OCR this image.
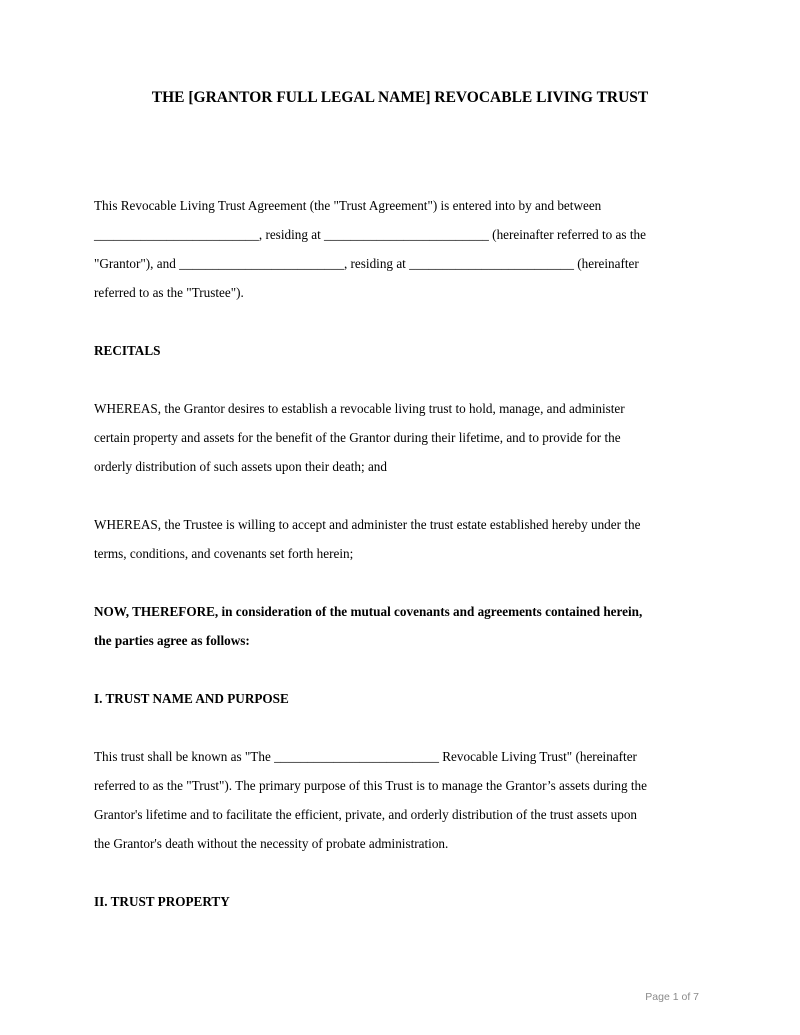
THE [GRANTOR FULL LEGAL NAME] REVOCABLE LIVING TRUST
This Revocable Living Trust Agreement (the "Trust Agreement") is entered into by and between
_________________________, residing at _________________________ (hereinafter referred to as the
"Grantor"), and _________________________, residing at _________________________ (hereinafter
referred to as the "Trustee").
RECITALS
WHEREAS, the Grantor desires to establish a revocable living trust to hold, manage, and administer
certain property and assets for the benefit of the Grantor during their lifetime, and to provide for the
orderly distribution of such assets upon their death; and
WHEREAS, the Trustee is willing to accept and administer the trust estate established hereby under the
terms, conditions, and covenants set forth herein;
NOW, THEREFORE, in consideration of the mutual covenants and agreements contained herein,
the parties agree as follows:
I. TRUST NAME AND PURPOSE
This trust shall be known as "The _________________________ Revocable Living Trust" (hereinafter
referred to as the "Trust"). The primary purpose of this Trust is to manage the Grantor’s assets during the
Grantor's lifetime and to facilitate the efficient, private, and orderly distribution of the trust assets upon
the Grantor's death without the necessity of probate administration.
II. TRUST PROPERTY
Page 1 of 7
